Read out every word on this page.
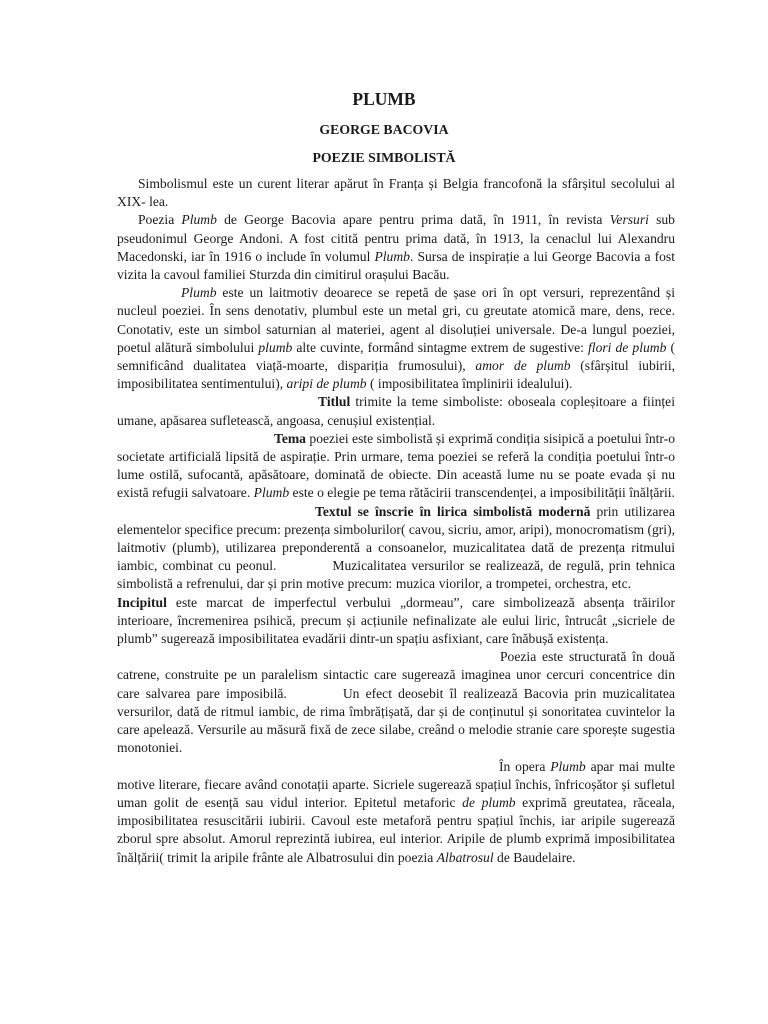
PLUMB
GEORGE BACOVIA
POEZIE SIMBOLISTĂ

Simbolismul este un curent literar apărut în Franța și Belgia francofonă la sfârșitul secolului al XIX- lea.

Poezia Plumb de George Bacovia apare pentru prima dată, în 1911, în revista Versuri sub pseudonimul George Andoni. A fost citită pentru prima dată, în 1913, la cenaclul lui Alexandru Macedonski, iar în 1916 o include în volumul Plumb. Sursa de inspirație a lui George Bacovia a fost vizita la cavoul familiei Sturzda din cimitirul orașului Bacău.

Plumb este un laitmotiv deoarece se repetă de șase ori în opt versuri, reprezentând și nucleul poeziei. În sens denotativ, plumbul este un metal gri, cu greutate atomică mare, dens, rece. Conotativ, este un simbol saturnian al materiei, agent al disoluției universale. De-a lungul poeziei, poetul alătură simbolului plumb alte cuvinte, formând sintagme extrem de sugestive: flori de plumb ( semnificând dualitatea viață-moarte, dispariția frumosului), amor de plumb (sfârșitul iubirii, imposibilitatea sentimentului), aripi de plumb ( imposibilitatea împlinirii idealului).

Titlul trimite la teme simboliste: oboseala copleșitoare a ființei umane, apăsarea sufletească, angoasa, cenușiul existențial.

Tema poeziei este simbolistă și exprimă condiția sisipică a poetului într-o societate artificială lipsită de aspirație. Prin urmare, tema poeziei se referă la condiția poetului într-o lume ostilă, sufocantă, apăsătoare, dominată de obiecte. Din această lume nu se poate evada și nu există refugii salvatoare. Plumb este o elegie pe tema rătăcirii transcendenței, a imposibilității înălțării.

Textul se înscrie în lirica simbolistă modernă prin utilizarea elementelor specifice precum: prezența simbolurilor( cavou, sicriu, amor, aripi), monocromatism (gri), laitmotiv (plumb), utilizarea preponderentă a consoanelor, muzicalitatea dată de prezența ritmului iambic, combinat cu peonul.	Muzicalitatea versurilor se realizează, de regulă, prin tehnica simbolistă a refrenului, dar și prin motive precum: muzica viorilor, a trompetei, orchestra, etc.Incipitul este marcat de imperfectul verbului „dormeau”, care simbolizează absența trăirilor interioare, încremenirea psihică, precum și acțiunile nefinalizate ale eului liric, întrucât „sicriele de plumb” sugerează imposibilitatea evadării dintr-un spațiu asfixiant, care înăbușă existența.

Poezia este structurată în două catrene, construite pe un paralelism sintactic care sugerează imaginea unor cercuri concentrice din care salvarea pare imposibilă.	Un efect deosebit îl realizează Bacovia prin muzicalitatea versurilor, dată de ritmul iambic, de rima îmbrățișată, dar și de conținutul și sonoritatea cuvintelor la care apelează. Versurile au măsură fixă de zece silabe, creând o melodie stranie care sporește sugestia monotoniei.

În opera Plumb apar mai multe motive literare, fiecare având conotații aparte. Sicriele sugerează spațiul închis, înfricoșător și sufletul uman golit de esență sau vidul interior. Epitetul metaforic de plumb exprimă greutatea, răceala, imposibilitatea resuscitării iubirii. Cavoul este metaforă pentru spațiul închis, iar aripile sugerează zborul spre absolut. Amorul reprezintă iubirea, eul interior. Aripile de plumb exprimă imposibilitatea înălțării( trimit la aripile frânte ale Albatrosului din poezia Albatrosul de Baudelaire.
